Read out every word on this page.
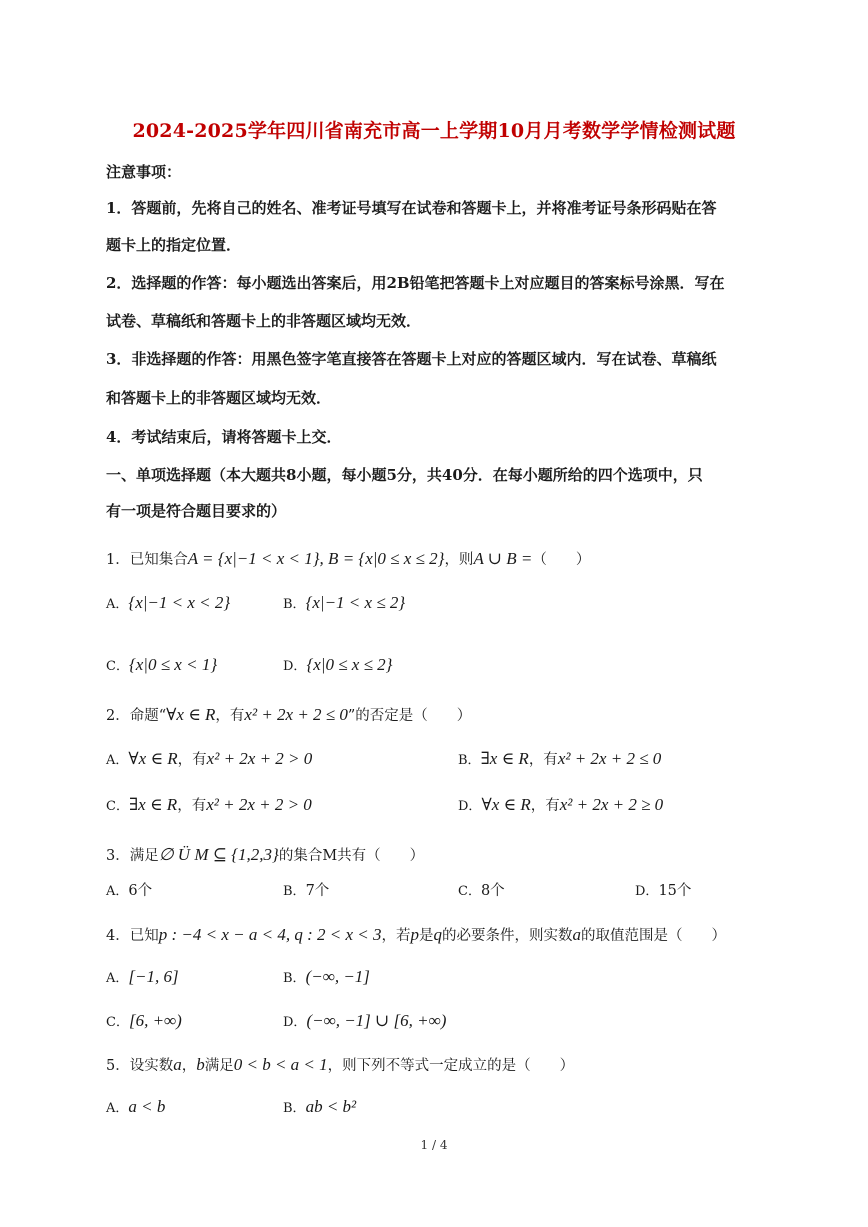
2024-2025学年四川省南充市高一上学期10月月考数学学情检测试题
注意事项：
1．答题前，先将自己的姓名、准考证号填写在试卷和答题卡上，并将准考证号条形码贴在答
题卡上的指定位置．
2．选择题的作答：每小题选出答案后，用2B铅笔把答题卡上对应题目的答案标号涂黑．写在
试卷、草稿纸和答题卡上的非答题区域均无效．
3．非选择题的作答：用黑色签字笔直接答在答题卡上对应的答题区域内．写在试卷、草稿纸
和答题卡上的非答题区域均无效．
4．考试结束后，请将答题卡上交．
一、单项选择题（本大题共8小题，每小题5分，共40分．在每小题所给的四个选项中，只
有一项是符合题目要求的）
1．已知集合A = {x|−1 < x < 1}, B = {x|0 ≤ x ≤ 2}，则A ∪ B =（　　）
A．{x|−1 < x < 2}	B．{x|−1 < x ≤ 2}
C．{x|0 ≤ x < 1}	D．{x|0 ≤ x ≤ 2}
2．命题“∀x ∈ R，有x² + 2x + 2 ≤ 0”的否定是（　　）
A．∀x ∈ R，有x² + 2x + 2 > 0	B．∃x ∈ R，有x² + 2x + 2 ≤ 0
C．∃x ∈ R，有x² + 2x + 2 > 0	D．∀x ∈ R，有x² + 2x + 2 ≥ 0
3．满足∅ Ü M ⊆ {1,2,3}的集合M共有（　　）
A．6个	B．7个	C．8个	D．15个
4．已知p : −4 < x − a < 4, q : 2 < x < 3，若p是q的必要条件，则实数a的取值范围是（　　）
A．[−1, 6]	B．(−∞, −1]
C．[6, +∞)	D．(−∞, −1] ∪ [6, +∞)
5．设实数a，b满足0 < b < a < 1，则下列不等式一定成立的是（　　）
A．a < b	B．ab < b²
1 / 4
